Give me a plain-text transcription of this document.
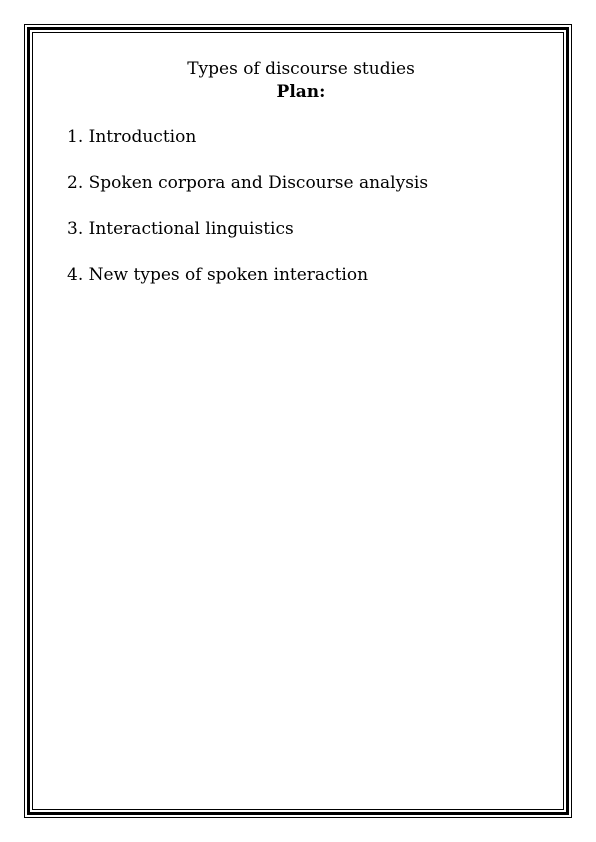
Types of discourse studies
Plan:
1. Introduction
2. Spoken corpora and Discourse analysis
3. Interactional linguistics
4. New types of spoken interaction
